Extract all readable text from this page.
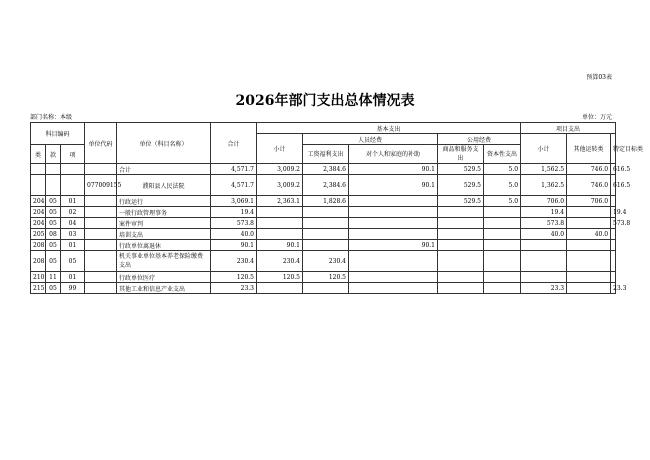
预算03表
2026年部门支出总体情况表
部门名称：本级	单位：万元
科目编码			单位代码	单位（科目名称）	合计	基本支出					项目支出		
						小计	人员经费		公用经费		小计	其他运转类	特定目标类
类	款	项					工资福利支出	对个人和家庭的补助	商品和服务支出	资本性支出			

				合计	4,571.7	3,009.2	2,384.6	90.1	529.5	5.0	1,562.5	746.0	616.5
			077009155	濮阳县人民法院	4,571.7	3,009.2	2,384.6	90.1	529.5	5.0	1,362.5	746.0	616.5
204	05	01		行政运行	3,069.1	2,363.1	1,828.6		529.5	5.0	706.0	706.0	
204	05	02		一般行政管理事务	19.4						19.4		19.4
204	05	04		案件审判	573.8						573.8		573.8
205	08	03		培训支出	40.0						40.0	40.0	
208	05	01		行政单位离退休	90.1	90.1		90.1					
208	05	05		机关事业单位基本养老保险缴费支出	230.4	230.4	230.4						
210	11	01		行政单位医疗	120.5	120.5	120.5						
215	05	99		其他工业和信息产业支出	23.3						23.3		23.3
